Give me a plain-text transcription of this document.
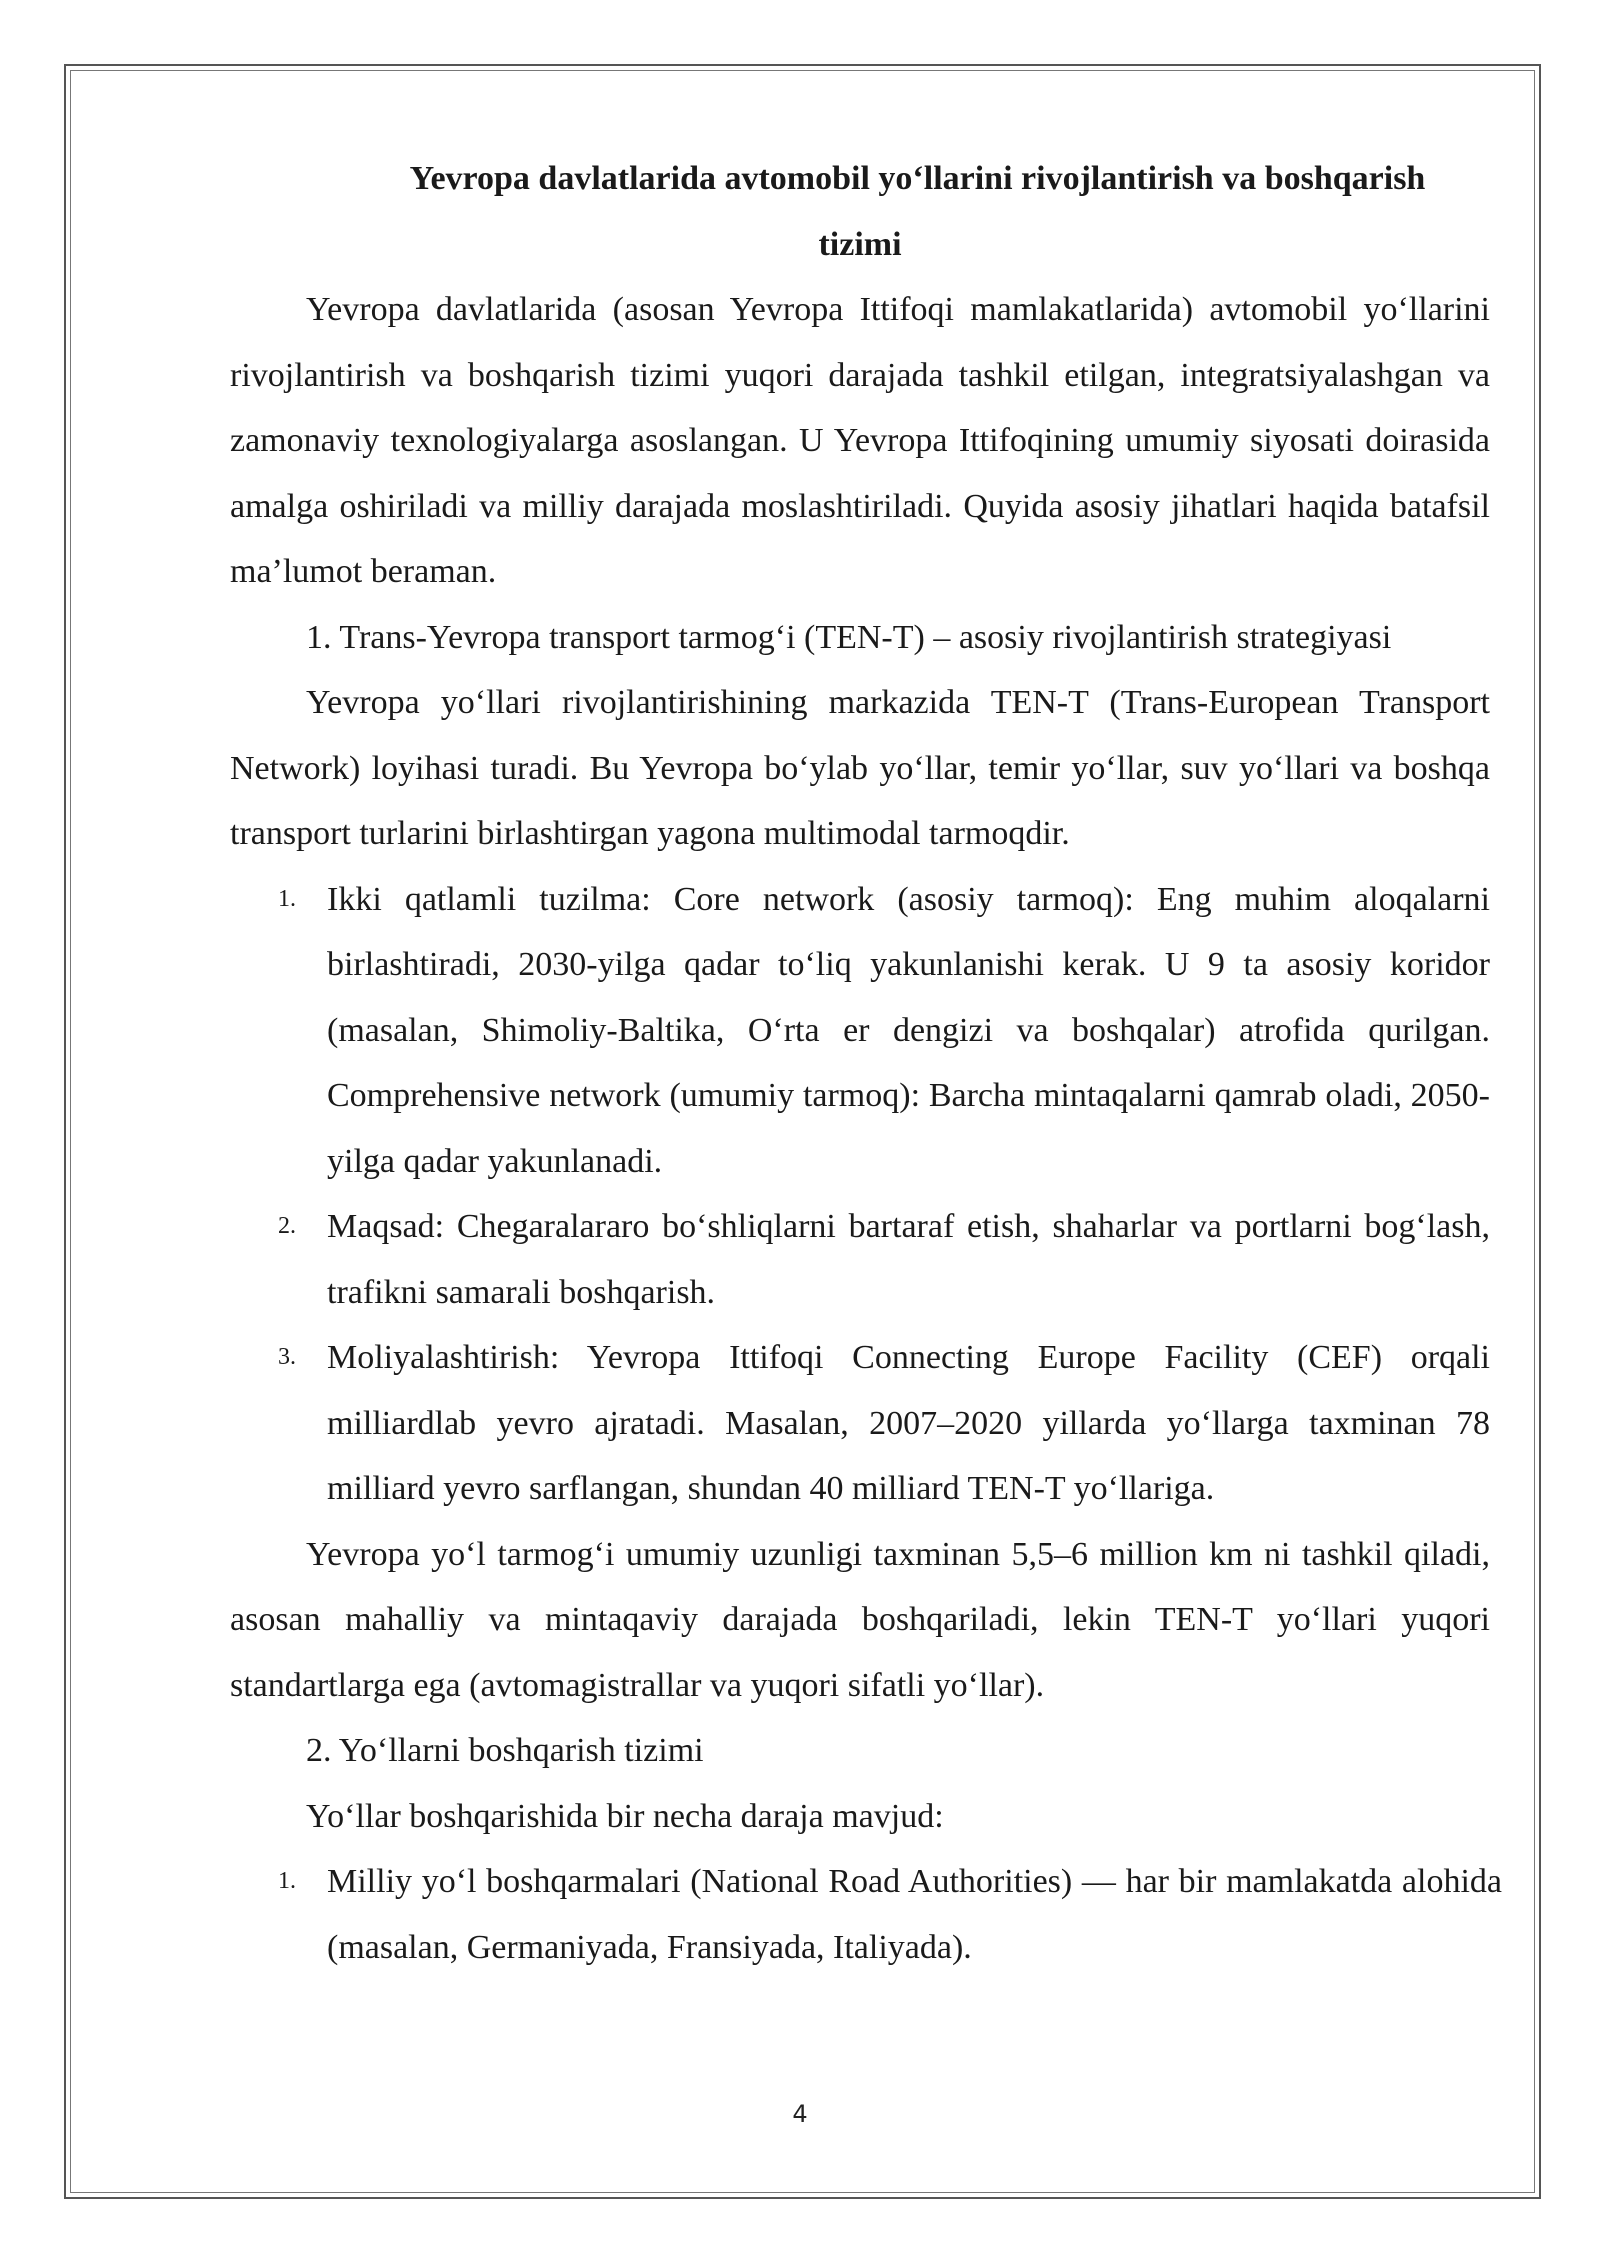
Yevropa davlatlarida avtomobil yo‘llarini rivojlantirish va boshqarish

tizimi

Yevropa davlatlarida (asosan Yevropa Ittifoqi mamlakatlarida) avtomobil yo‘llarini rivojlantirish va boshqarish tizimi yuqori darajada tashkil etilgan, integratsiyalashgan va zamonaviy texnologiyalarga asoslangan. U Yevropa Ittifoqining umumiy siyosati doirasida amalga oshiriladi va milliy darajada moslashtiriladi. Quyida asosiy jihatlari haqida batafsil ma’lumot beraman.

1. Trans-Yevropa transport tarmog‘i (TEN-T) – asosiy rivojlantirish strategiyasi

Yevropa yo‘llari rivojlantirishining markazida TEN-T (Trans-European Transport Network) loyihasi turadi. Bu Yevropa bo‘ylab yo‘llar, temir yo‘llar, suv yo‘llari va boshqa transport turlarini birlashtirgan yagona multimodal tarmoqdir.

1. Ikki qatlamli tuzilma: Core network (asosiy tarmoq): Eng muhim aloqalarni birlashtiradi, 2030-yilga qadar to‘liq yakunlanishi kerak. U 9 ta asosiy koridor (masalan, Shimoliy-Baltika, O‘rta er dengizi va boshqalar) atrofida qurilgan. Comprehensive network (umumiy tarmoq): Barcha mintaqalarni qamrab oladi, 2050-yilga qadar yakunlanadi.
2. Maqsad: Chegaralararo bo‘shliqlarni bartaraf etish, shaharlar va portlarni bog‘lash, trafikni samarali boshqarish.
3. Moliyalashtirish: Yevropa Ittifoqi Connecting Europe Facility (CEF) orqali milliardlab yevro ajratadi. Masalan, 2007–2020 yillarda yo‘llarga taxminan 78 milliard yevro sarflangan, shundan 40 milliard TEN-T yo‘llariga.

Yevropa yo‘l tarmog‘i umumiy uzunligi taxminan 5,5–6 million km ni tashkil qiladi, asosan mahalliy va mintaqaviy darajada boshqariladi, lekin TEN-T yo‘llari yuqori standartlarga ega (avtomagistrallar va yuqori sifatli yo‘llar).

2. Yo‘llarni boshqarish tizimi

Yo‘llar boshqarishida bir necha daraja mavjud:

1. Milliy yo‘l boshqarmalari (National Road Authorities) — har bir mamlakatda alohida (masalan, Germaniyada, Fransiyada, Italiyada).
4
